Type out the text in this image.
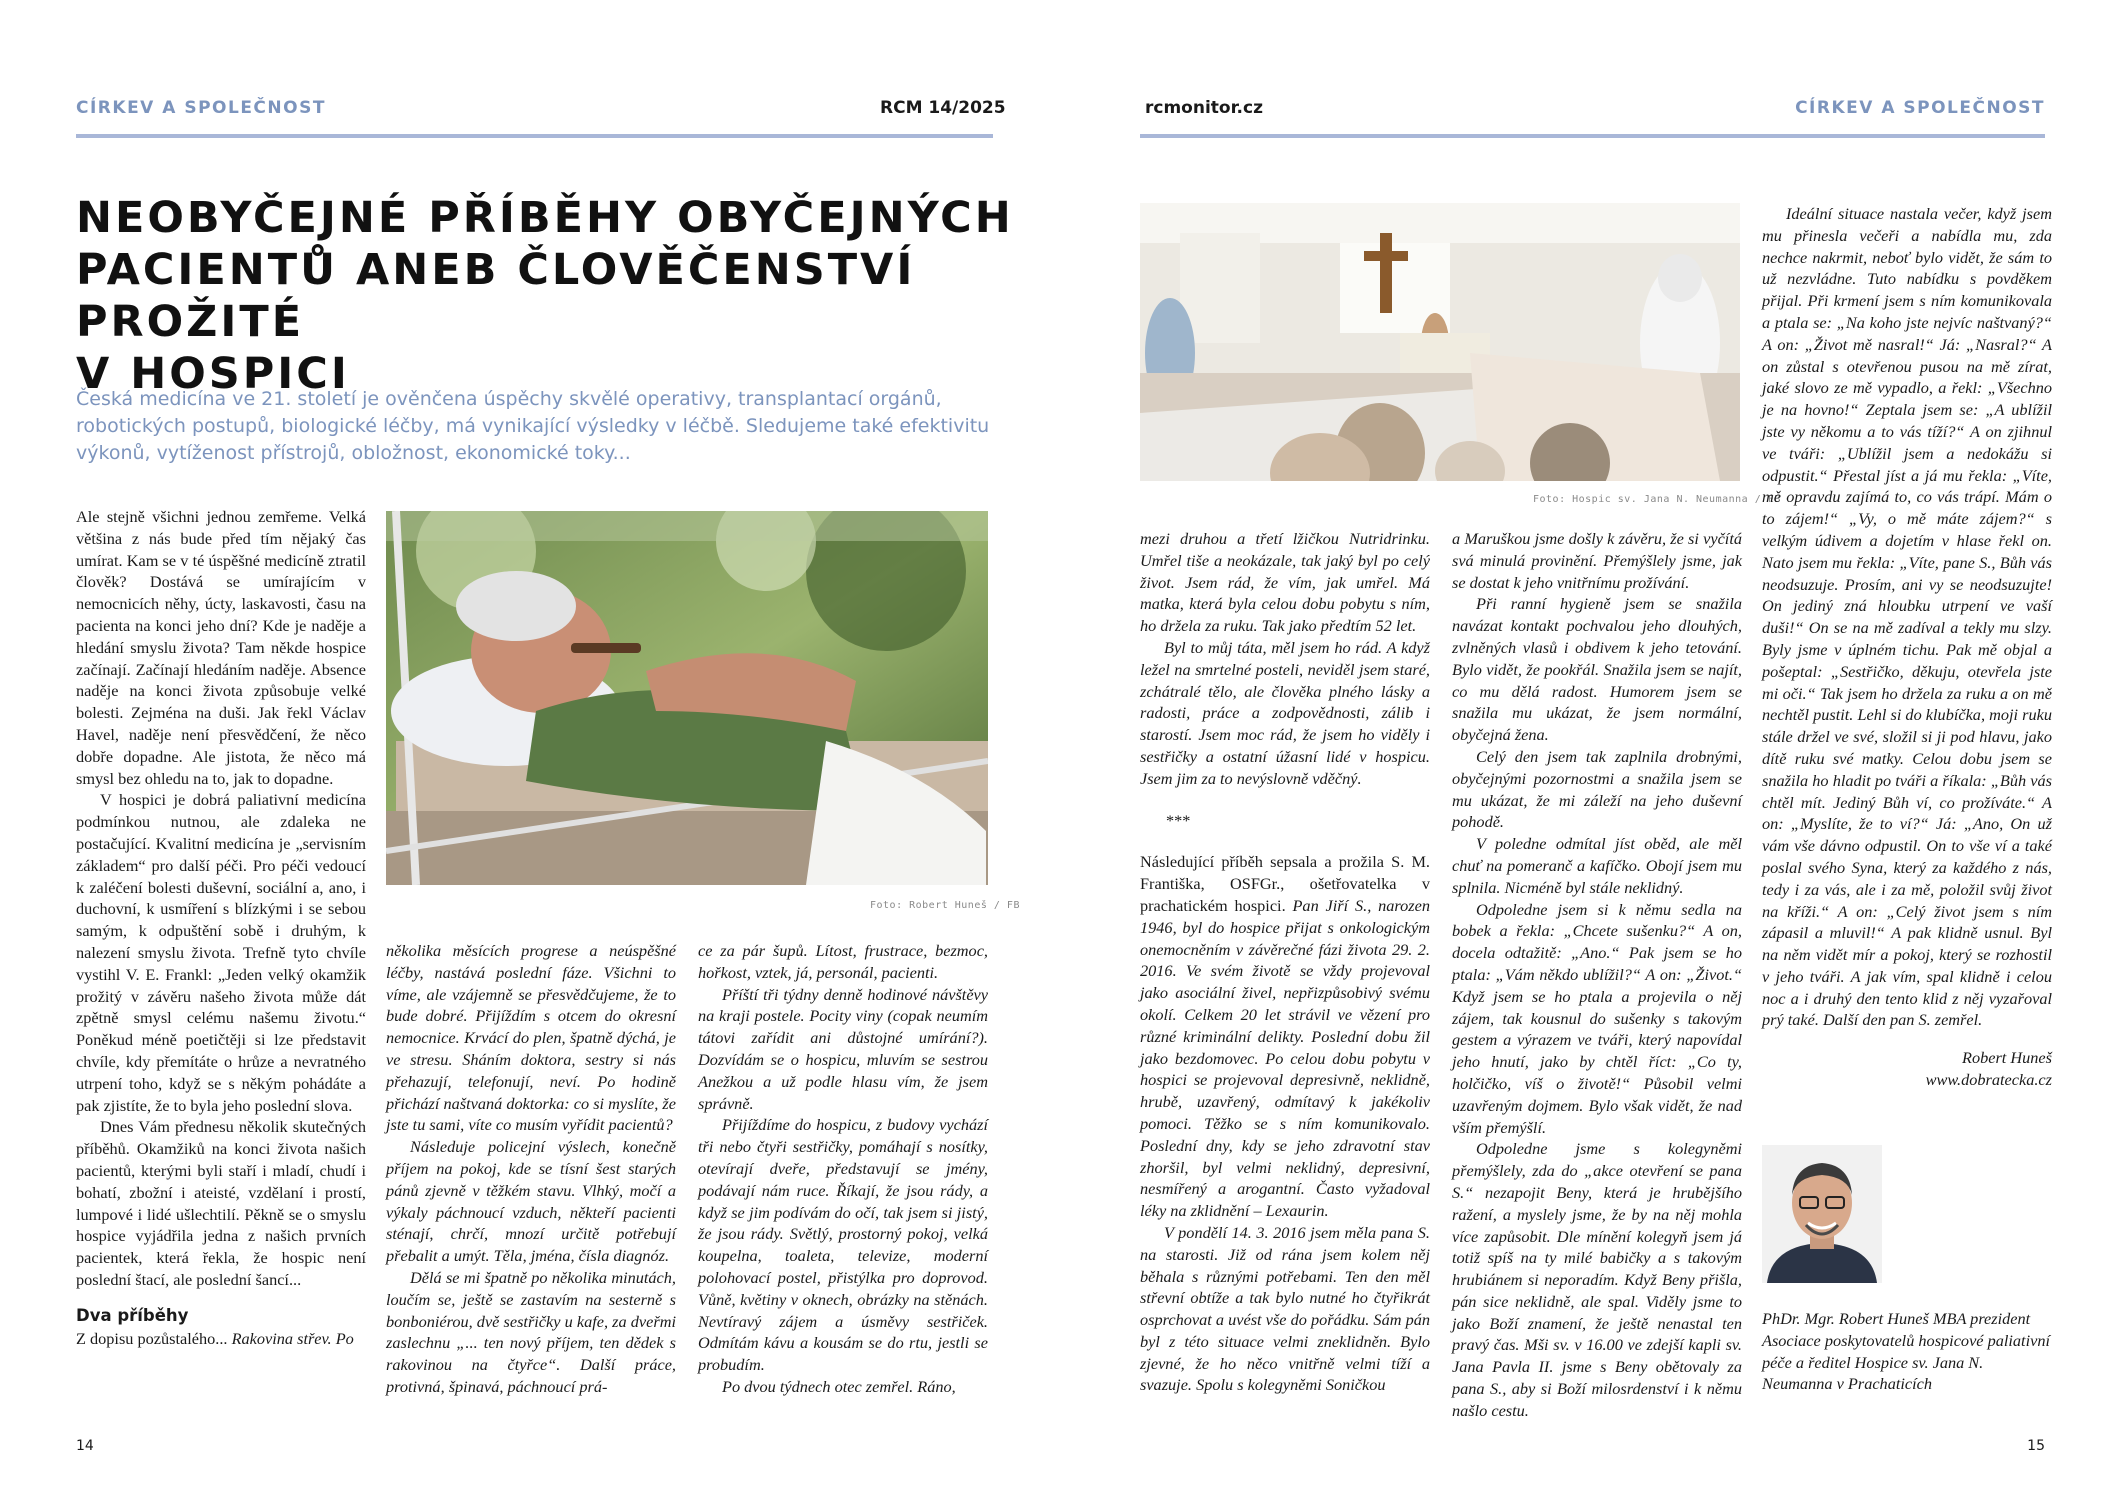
CÍRKEV A SPOLEČNOST	RCM 14/2025	rcmonitor.cz	CÍRKEV A SPOLEČNOST
NEOBYČEJNÉ PŘÍBĚHY OBYČEJNÝCH
PACIENTŮ ANEB ČLOVĚČENSTVÍ PROŽITÉ
V HOSPICI

Česká medicína ve 21. století je ověnčena úspěchy skvělé operativy, transplantací orgánů, robotických postupů, biologické léčby, má vynikající výsledky v léčbě. Sledujeme také efektivitu výkonů, vytíženost přístrojů, obložnost, ekonomické toky...

Foto: Robert Huneš / FB
Foto: Hospic sv. Jana N. Neumanna / FB

Ale stejně všichni jednou zemřeme. Velká většina z nás bude před tím nějaký čas umírat. Kam se v té úspěšné medicíně ztratil člověk? Dostává se umírajícím v nemocnicích něhy, úcty, laskavosti, času na pacienta na konci jeho dní? Kde je naděje a hledání smyslu života? Tam někde hospice začínají. Začínají hledáním naděje. Absence naděje na konci života způsobuje velké bolesti. Zejména na duši. Jak řekl Václav Havel, naděje není přesvědčení, že něco dobře dopadne. Ale jistota, že něco má smysl bez ohledu na to, jak to dopadne.

V hospici je dobrá paliativní medicína podmínkou nutnou, ale zdaleka ne postačující. Kvalitní medicína je „servisním základem“ pro další péči. Pro péči vedoucí k zaléčení bolesti duševní, sociální a, ano, i duchovní, k usmíření s blízkými i se sebou samým, k odpuštění sobě i druhým, k nalezení smyslu života. Trefně tyto chvíle vystihl V. E. Frankl: „Jeden velký okamžik prožitý v závěru našeho života může dát zpětně smysl celému našemu životu.“ Poněkud méně poetičtěji si lze představit chvíle, kdy přemítáte o hrůze a nevratného utrpení toho, když se s někým pohádáte a pak zjistíte, že to byla jeho poslední slova.

Dnes Vám přednesu několik skutečných příběhů. Okamžiků na konci života našich pacientů, kterými byli staří i mladí, chudí i bohatí, zbožní i ateisté, vzdělaní i prostí, lumpové i lidé ušlechtilí. Pěkně se o smyslu hospice vyjádřila jedna z našich prvních pacientek, která řekla, že hospic není poslední štací, ale poslední šancí...

Dva příběhy

Z dopisu pozůstalého... Rakovina střev. Po

několika měsících progrese a neúspěšné léčby, nastává poslední fáze. Všichni to víme, ale vzájemně se přesvědčujeme, že to bude dobré. Přijíždím s otcem do okresní nemocnice. Krvácí do plen, špatně dýchá, je ve stresu. Sháním doktora, sestry si nás přehazují, telefonují, neví. Po hodině přichází naštvaná doktorka: co si myslíte, že jste tu sami, víte co musím vyřídit pacientů?

Následuje policejní výslech, konečně příjem na pokoj, kde se tísní šest starých pánů zjevně v těžkém stavu. Vlhký, močí a výkaly páchnoucí vzduch, někteří pacienti sténají, chrčí, mnozí určitě potřebují přebalit a umýt. Těla, jména, čísla diagnóz.

Dělá se mi špatně po několika minutách, loučím se, ještě se zastavím na sesterně s bonboniérou, dvě sestřičky u kafe, za dveřmi zaslechnu „... ten nový příjem, ten dědek s rakovinou na čtyřce“. Další práce, protivná, špinavá, páchnoucí prá-

ce za pár šupů. Lítost, frustrace, bezmoc, hořkost, vztek, já, personál, pacienti.

Příští tři týdny denně hodinové návštěvy na kraji postele. Pocity viny (copak neumím tátovi zařídit ani důstojné umírání?). Dozvídám se o hospicu, mluvím se sestrou Anežkou a už podle hlasu vím, že jsem správně.

Přijíždíme do hospicu, z budovy vychází tři nebo čtyři sestřičky, pomáhají s nosítky, otevírají dveře, představují se jmény, podávají nám ruce. Říkají, že jsou rády, a když se jim podívám do očí, tak jsem si jistý, že jsou rády. Světlý, prostorný pokoj, velká koupelna, toaleta, televize, moderní polohovací postel, přistýlka pro doprovod. Vůně, květiny v oknech, obrázky na stěnách. Nevtíravý zájem a úsměvy sestřiček. Odmítám kávu a kousám se do rtu, jestli se probudím.

Po dvou týdnech otec zemřel. Ráno,

mezi druhou a třetí lžičkou Nutridrinku. Umřel tiše a neokázale, tak jaký byl po celý život. Jsem rád, že vím, jak umřel. Má matka, která byla celou dobu pobytu s ním, ho držela za ruku. Tak jako předtím 52 let.

Byl to můj táta, měl jsem ho rád. A když ležel na smrtelné posteli, neviděl jsem staré, zchátralé tělo, ale člověka plného lásky a radosti, práce a zodpovědnosti, zálib i starostí. Jsem moc rád, že jsem ho viděly i sestřičky a ostatní úžasní lidé v hospicu. Jsem jim za to nevýslovně vděčný.

***

Následující příběh sepsala a prožila S. M. Františka, OSFGr., ošetřovatelka v prachatickém hospici. Pan Jiří S., narozen 1946, byl do hospice přijat s onkologickým onemocněním v závěrečné fázi života 29. 2. 2016. Ve svém životě se vždy projevoval jako asociální živel, nepřizpůsobivý svému okolí. Celkem 20 let strávil ve vězení pro různé kriminální delikty. Poslední dobu žil jako bezdomovec. Po celou dobu pobytu v hospici se projevoval depresivně, neklidně, hrubě, uzavřený, odmítavý k jakékoliv pomoci. Těžko se s ním komunikovalo. Poslední dny, kdy se jeho zdravotní stav zhoršil, byl velmi neklidný, depresivní, nesmířený a arogantní. Často vyžadoval léky na zklidnění – Lexaurin.

V pondělí 14. 3. 2016 jsem měla pana S. na starosti. Již od rána jsem kolem něj běhala s různými potřebami. Ten den měl střevní obtíže a tak bylo nutné ho čtyřikrát osprchovat a uvést vše do pořádku. Sám pán byl z této situace velmi zneklidněn. Bylo zjevné, že ho něco vnitřně velmi tíží a svazuje. Spolu s kolegyněmi Soničkou

a Maruškou jsme došly k závěru, že si vyčítá svá minulá provinění. Přemýšlely jsme, jak se dostat k jeho vnitřnímu prožívání.

Při ranní hygieně jsem se snažila navázat kontakt pochvalou jeho dlouhých, zvlněných vlasů i obdivem k jeho tetování. Bylo vidět, že pookřál. Snažila jsem se najít, co mu dělá radost. Humorem jsem se snažila mu ukázat, že jsem normální, obyčejná žena.

Celý den jsem tak zaplnila drobnými, obyčejnými pozornostmi a snažila jsem se mu ukázat, že mi záleží na jeho duševní pohodě.

V poledne odmítal jíst oběd, ale měl chuť na pomeranč a kafíčko. Obojí jsem mu splnila. Nicméně byl stále neklidný.

Odpoledne jsem si k němu sedla na bobek a řekla: „Chcete sušenku?“ A on, docela odtažitě: „Ano.“ Pak jsem se ho ptala: „Vám někdo ublížil?“ A on: „Život.“ Když jsem se ho ptala a projevila o něj zájem, tak kousnul do sušenky s takovým gestem a výrazem ve tváři, který napovídal jeho hnutí, jako by chtěl říct: „Co ty, holčičko, víš o životě!“ Působil velmi uzavřeným dojmem. Bylo však vidět, že nad vším přemýšlí.

Odpoledne jsme s kolegyněmi přemýšlely, zda do „akce otevření se pana S.“ nezapojit Beny, která je hrubějšího ražení, a myslely jsme, že by na něj mohla více zapůsobit. Dle mínění kolegyň jsem já totiž spíš na ty milé babičky a s takovým hrubiánem si neporadím. Když Beny přišla, pán sice neklidně, ale spal. Viděly jsme to jako Boží znamení, že ještě nenastal ten pravý čas. Mši sv. v 16.00 ve zdejší kapli sv. Jana Pavla II. jsme s Beny obětovaly za pana S., aby si Boží milosrdenství i k němu našlo cestu.

Ideální situace nastala večer, když jsem mu přinesla večeři a nabídla mu, zda nechce nakrmit, neboť bylo vidět, že sám to už nezvládne. Tuto nabídku s povděkem přijal. Při krmení jsem s ním komunikovala a ptala se: „Na koho jste nejvíc naštvaný?“ A on: „Život mě nasral!“ Já: „Nasral?“ A on zůstal s otevřenou pusou na mě zírat, jaké slovo ze mě vypadlo, a řekl: „Všechno je na hovno!“ Zeptala jsem se: „A ublížil jste vy někomu a to vás tíží?“ A on zjihnul ve tváři: „Ublížil jsem a nedokážu si odpustit.“ Přestal jíst a já mu řekla: „Víte, mě opravdu zajímá to, co vás trápí. Mám o to zájem!“ „Vy, o mě máte zájem?“ s velkým údivem a dojetím v hlase řekl on. Nato jsem mu řekla: „Víte, pane S., Bůh vás neodsuzuje. Prosím, ani vy se neodsuzujte! On jediný zná hloubku utrpení ve vaší duši!“ On se na mě zadíval a tekly mu slzy. Byly jsme v úplném tichu. Pak mě objal a pošeptal: „Sestřičko, děkuju, otevřela jste mi oči.“ Tak jsem ho držela za ruku a on mě nechtěl pustit. Lehl si do klubíčka, moji ruku stále držel ve své, složil si ji pod hlavu, jako dítě ruku své matky. Celou dobu jsem se snažila ho hladit po tváři a říkala: „Bůh vás chtěl mít. Jediný Bůh ví, co prožíváte.“ A on: „Myslíte, že to ví?“ Já: „Ano, On už vám vše dávno odpustil. On to vše ví a také poslal svého Syna, který za každého z nás, tedy i za vás, ale i za mě, položil svůj život na kříži.“ A on: „Celý život jsem s ním zápasil a mluvil!“ A pak klidně usnul. Byl na něm vidět mír a pokoj, který se rozhostil v jeho tváři. A jak vím, spal klidně i celou noc a i druhý den tento klid z něj vyzařoval prý také. Další den pan S. zemřel.

Robert Huneš

www.dobratecka.cz

PhDr. Mgr. Robert Huneš MBA prezident Asociace poskytovatelů hospicové paliativní péče a ředitel Hospice sv. Jana N. Neumanna v Prachaticích
14	15
